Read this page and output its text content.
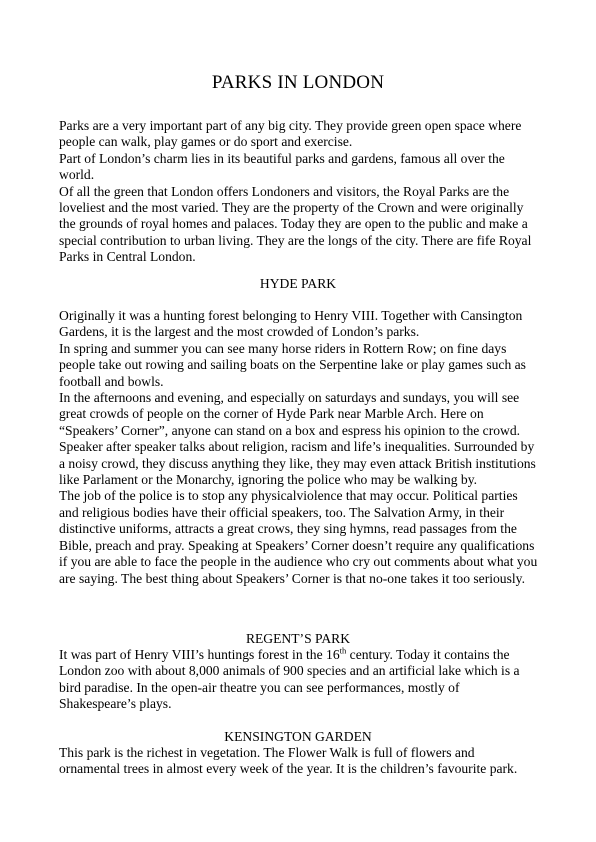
PARKS IN LONDON

Parks are a very important part of any big city. They provide green open space where people can walk, play games or do sport and exercise.

Part of London’s charm lies in its beautiful parks and gardens, famous all over the world.

Of all the green that London offers Londoners and visitors, the Royal Parks are the loveliest and the most varied. They are the property of the Crown and were originally the grounds of royal homes and palaces. Today they are open to the public and make a special contribution to urban living. They are the longs of the city. There are fife Royal Parks in Central London.

HYDE PARK

Originally it was a hunting forest belonging to Henry VIII. Together with Cansington Gardens, it is the largest and the most crowded of London’s parks.

In spring and summer you can see many horse riders in Rottern Row; on fine days people take out rowing and sailing boats on the Serpentine lake or play games such as football and bowls.

In the afternoons and evening, and especially on saturdays and sundays, you will see great crowds of people on the corner of Hyde Park near Marble Arch. Here on “Speakers’ Corner”, anyone can stand on a box and espress his opinion to the crowd. Speaker after speaker talks about religion, racism and life’s inequalities. Surrounded by a noisy crowd, they discuss anything they like, they may even attack British institutions like Parlament or the Monarchy, ignoring the police who may be walking by.

The job of the police is to stop any physicalviolence that may occur. Political parties and religious bodies have their official speakers, too. The Salvation Army, in their distinctive uniforms, attracts a great crows, they sing hymns, read passages from the Bible, preach and pray. Speaking at Speakers’ Corner doesn’t require any qualifications if you are able to face the people in the audience who cry out comments about what you are saying. The best thing about Speakers’ Corner is that no-one takes it too seriously.

REGENT’S PARK

It was part of Henry VIII’s huntings forest in the 16th century. Today it contains the London zoo with about 8,000 animals of 900 species and an artificial lake which is a bird paradise. In the open-air theatre you can see performances, mostly of Shakespeare’s plays.

KENSINGTON GARDEN

This park is the richest in vegetation. The Flower Walk is full of flowers and ornamental trees in almost every week of the year. It is the children’s favourite park.
